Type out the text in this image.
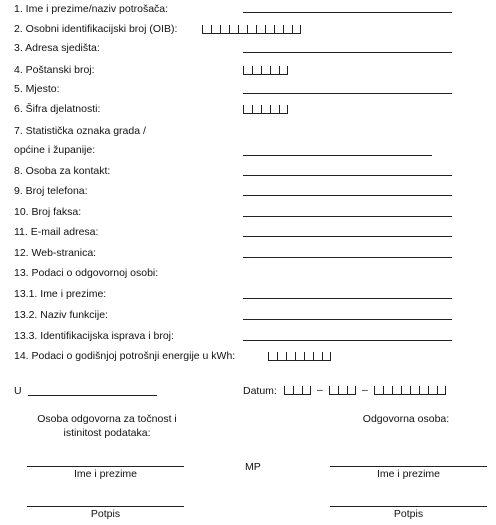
1. Ime i prezime/naziv potrošača:
2. Osobni identifikacijski broj (OIB):
3. Adresa sjedišta:
4. Poštanski broj:
5. Mjesto:
6. Šifra djelatnosti:
7. Statistička oznaka grada /
općine i županije:
8. Osoba za kontakt:
9. Broj telefona:
10. Broj faksa:
11. E-mail adresa:
12. Web-stranica:
13. Podaci o odgovornoj osobi:
13.1. Ime i prezime:
13.2. Naziv funkcije:
13.3. Identifikacijska isprava i broj:
14. Podaci o godišnjoj potrošnji energije u kWh:
U	Datum:	–	–
Osoba odgovorna za točnost i
istinitost podataka:
Odgovorna osoba:
Ime i prezime
MP
Ime i prezime
Potpis	Potpis
